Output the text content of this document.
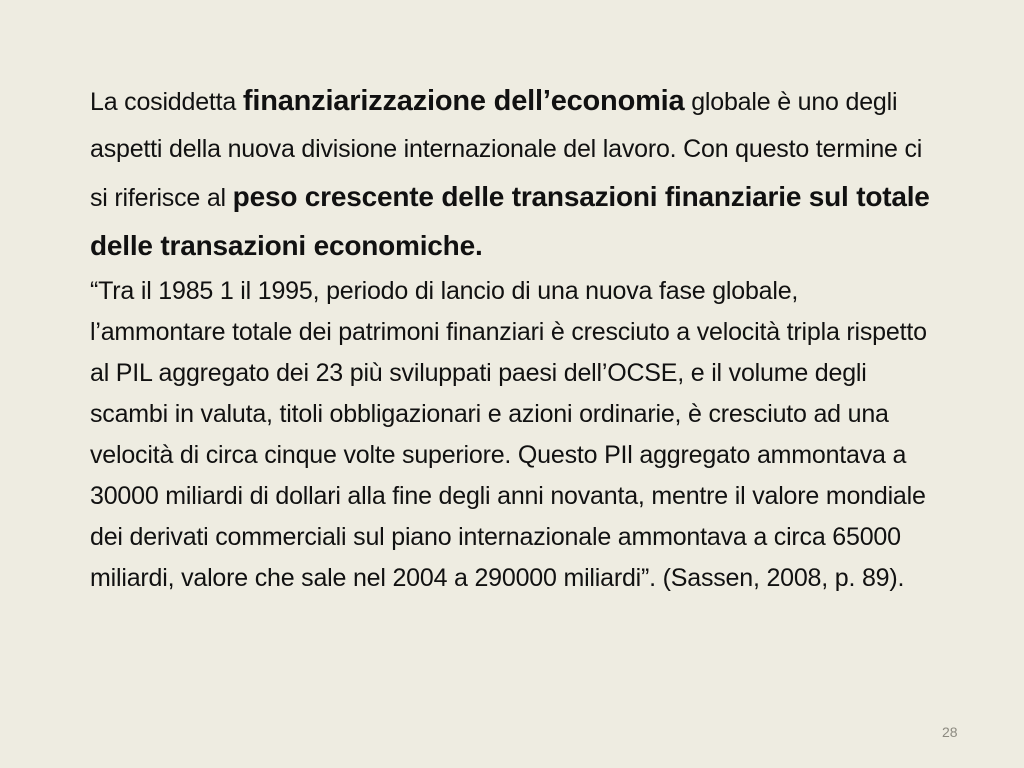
La cosiddetta finanziarizzazione dell’economia globale è uno degli aspetti della nuova divisione internazionale del lavoro. Con questo termine ci si riferisce al peso crescente delle transazioni finanziarie sul totale delle transazioni economiche.

“Tra il 1985 1 il 1995, periodo di lancio di una nuova fase globale, l’ammontare totale dei patrimoni finanziari è cresciuto a velocità tripla rispetto al PIL aggregato dei 23 più sviluppati paesi dell’OCSE, e il volume degli scambi in valuta, titoli obbligazionari e azioni ordinarie, è cresciuto ad una velocità di circa cinque volte superiore. Questo PIl aggregato ammontava a 30000 miliardi di dollari alla fine degli anni novanta, mentre il valore mondiale dei derivati commerciali sul piano internazionale ammontava a circa 65000 miliardi, valore che sale nel 2004 a 290000 miliardi”. (Sassen, 2008, p. 89).

28
